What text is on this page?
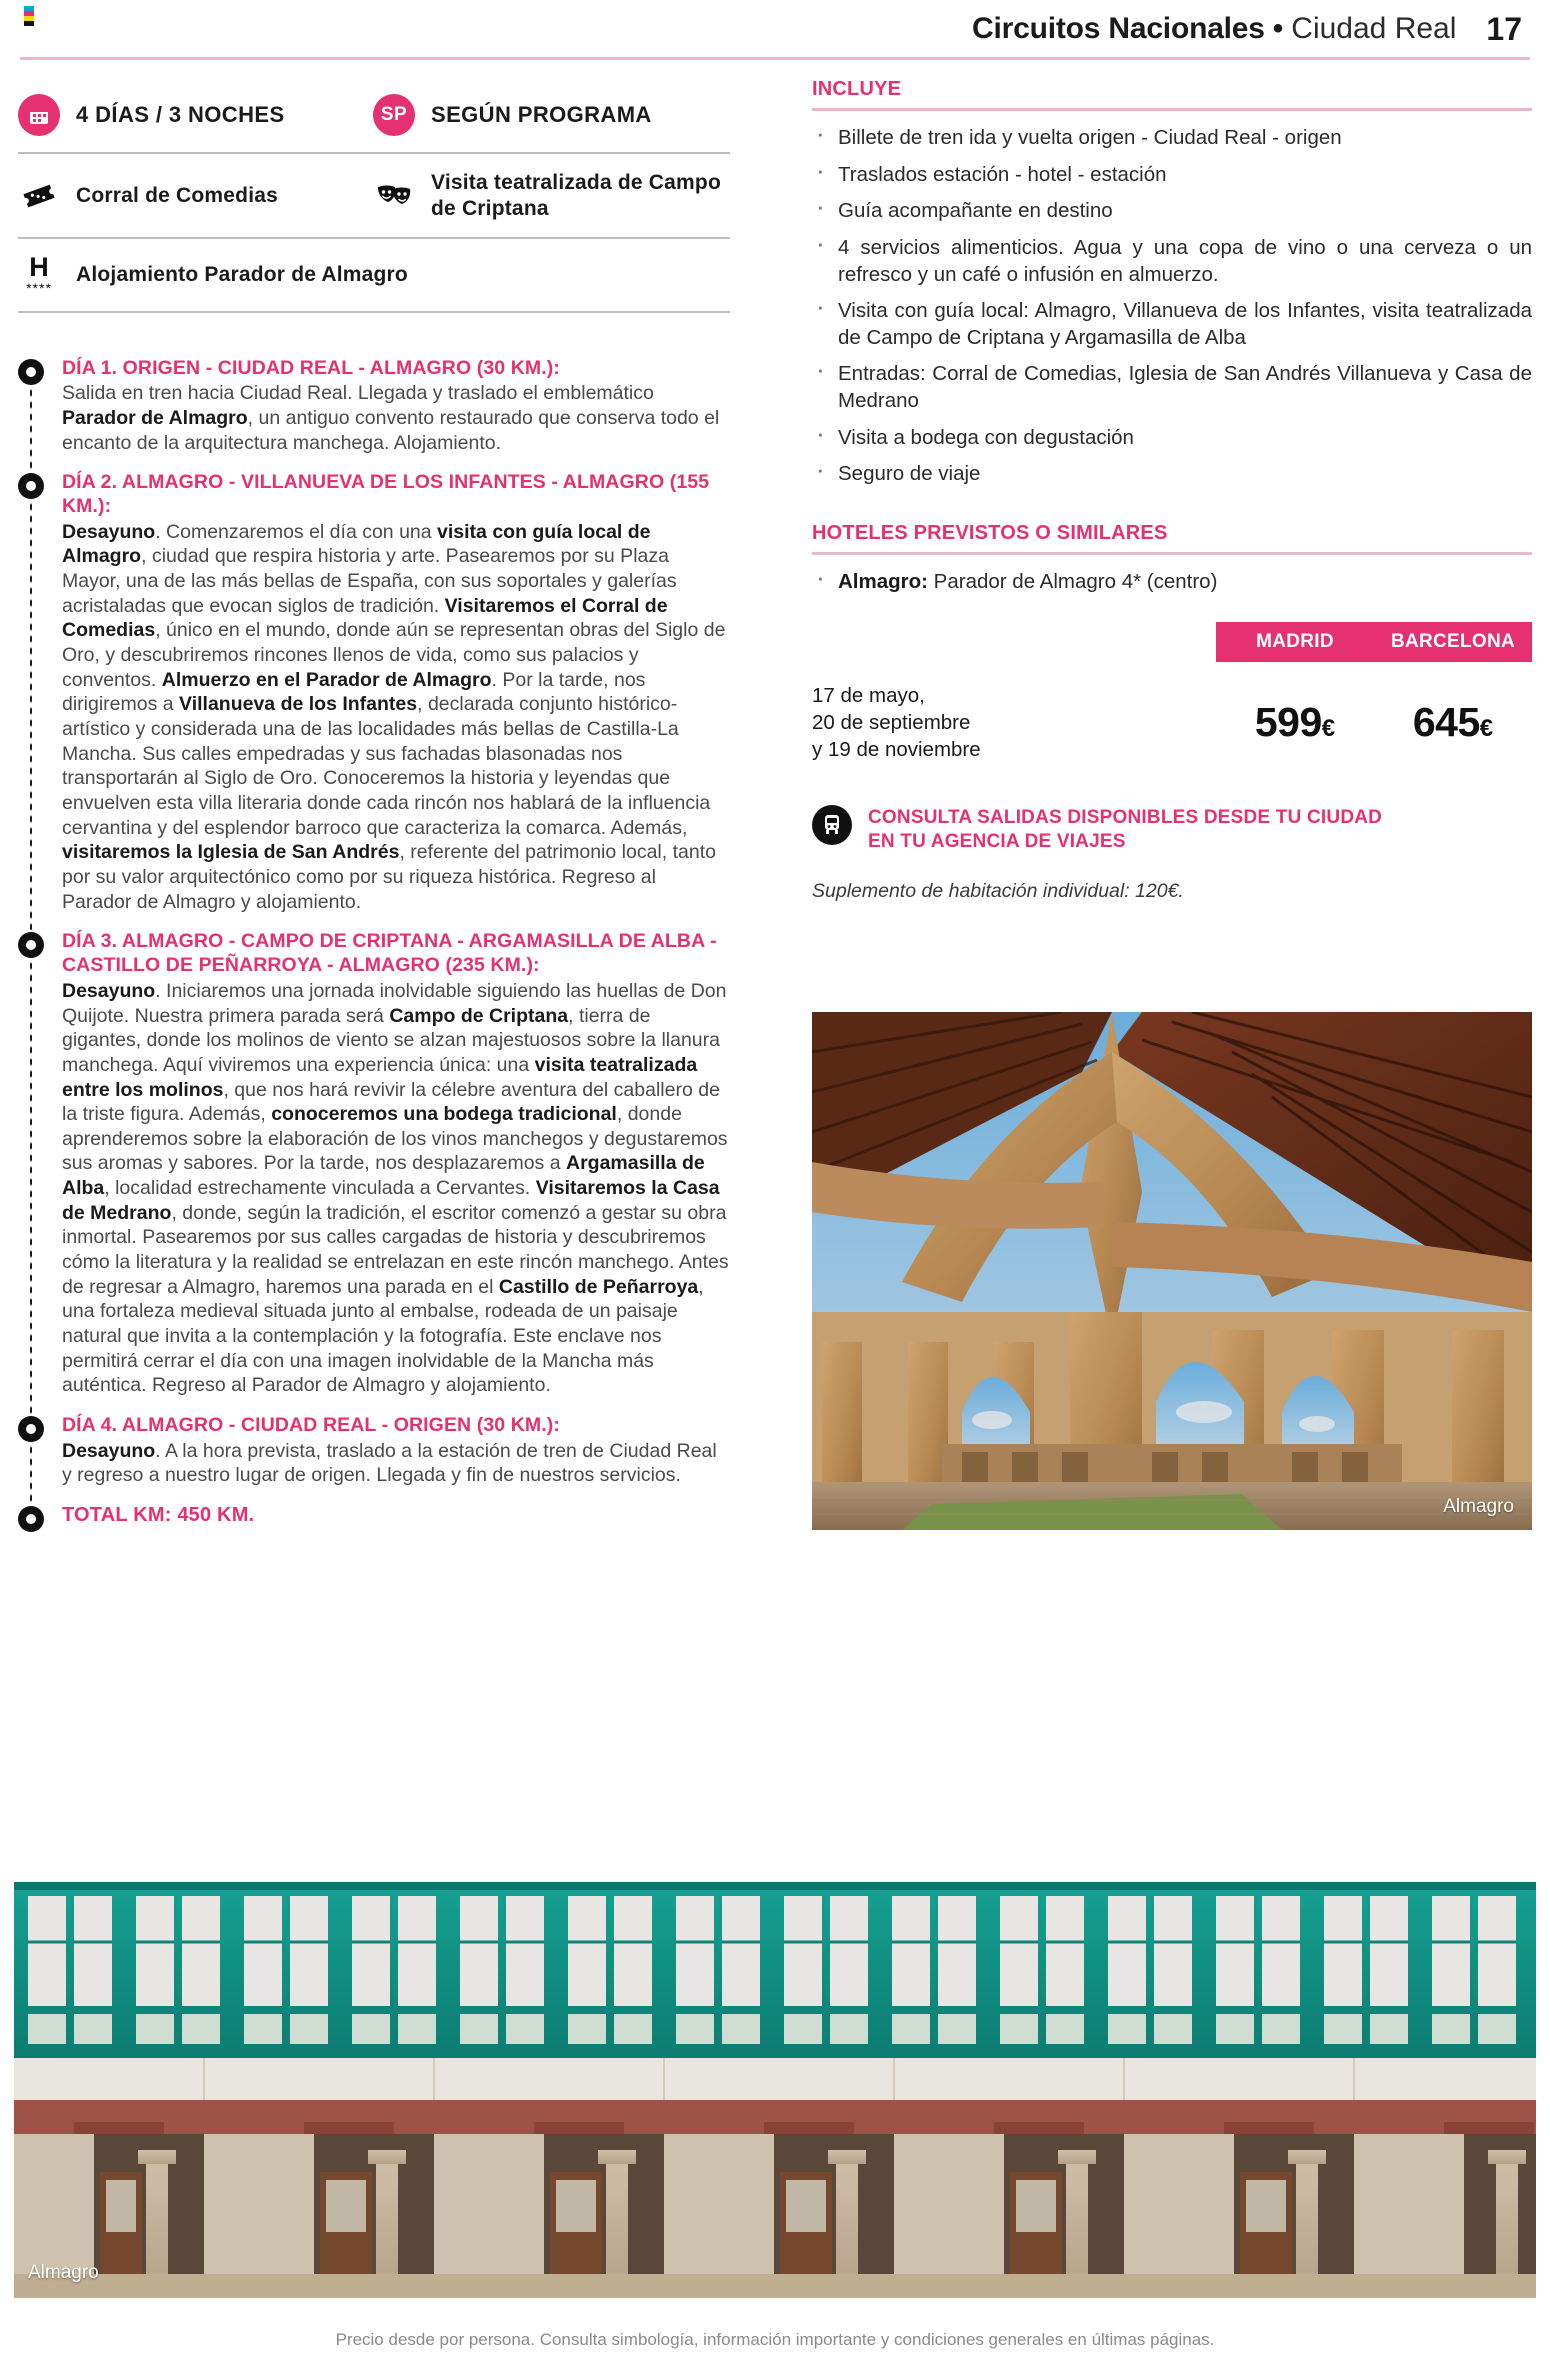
Circuitos Nacionales • Ciudad Real 17
4 DÍAS / 3 NOCHES	SP SEGÚN PROGRAMA
Corral de Comedias
Visita teatralizada de Campo de Criptana
H
****
Alojamiento Parador de Almagro
DÍA 1. ORIGEN - CIUDAD REAL - ALMAGRO (30 KM.):
Salida en tren hacia Ciudad Real. Llegada y traslado el emblemático Parador de Almagro, un antiguo convento restaurado que conserva todo el encanto de la arquitectura manchega. Alojamiento.
DÍA 2. ALMAGRO - VILLANUEVA DE LOS INFANTES - ALMAGRO (155 KM.):
Desayuno. Comenzaremos el día con una visita con guía local de Almagro, ciudad que respira historia y arte. Pasearemos por su Plaza Mayor, una de las más bellas de España, con sus soportales y galerías acristaladas que evocan siglos de tradición. Visitaremos el Corral de Comedias, único en el mundo, donde aún se representan obras del Siglo de Oro, y descubriremos rincones llenos de vida, como sus palacios y conventos. Almuerzo en el Parador de Almagro. Por la tarde, nos dirigiremos a Villanueva de los Infantes, declarada conjunto histórico-artístico y considerada una de las localidades más bellas de Castilla-La Mancha. Sus calles empedradas y sus fachadas blasonadas nos transportarán al Siglo de Oro. Conoceremos la historia y leyendas que envuelven esta villa literaria donde cada rincón nos hablará de la influencia cervantina y del esplendor barroco que caracteriza la comarca. Además, visitaremos la Iglesia de San Andrés, referente del patrimonio local, tanto por su valor arquitectónico como por su riqueza histórica. Regreso al Parador de Almagro y alojamiento.
DÍA 3. ALMAGRO - CAMPO DE CRIPTANA - ARGAMASILLA DE ALBA - CASTILLO DE PEÑARROYA - ALMAGRO (235 KM.):
Desayuno. Iniciaremos una jornada inolvidable siguiendo las huellas de Don Quijote. Nuestra primera parada será Campo de Criptana, tierra de gigantes, donde los molinos de viento se alzan majestuosos sobre la llanura manchega. Aquí viviremos una experiencia única: una visita teatralizada entre los molinos, que nos hará revivir la célebre aventura del caballero de la triste figura. Además, conoceremos una bodega tradicional, donde aprenderemos sobre la elaboración de los vinos manchegos y degustaremos sus aromas y sabores. Por la tarde, nos desplazaremos a Argamasilla de Alba, localidad estrechamente vinculada a Cervantes. Visitaremos la Casa de Medrano, donde, según la tradición, el escritor comenzó a gestar su obra inmortal. Pasearemos por sus calles cargadas de historia y descubriremos cómo la literatura y la realidad se entrelazan en este rincón manchego. Antes de regresar a Almagro, haremos una parada en el Castillo de Peñarroya, una fortaleza medieval situada junto al embalse, rodeada de un paisaje natural que invita a la contemplación y la fotografía. Este enclave nos permitirá cerrar el día con una imagen inolvidable de la Mancha más auténtica. Regreso al Parador de Almagro y alojamiento.
DÍA 4. ALMAGRO - CIUDAD REAL - ORIGEN (30 KM.):
Desayuno. A la hora prevista, traslado a la estación de tren de Ciudad Real y regreso a nuestro lugar de origen. Llegada y fin de nuestros servicios.
TOTAL KM: 450 KM.
INCLUYE
· Billete de tren ida y vuelta origen - Ciudad Real - origen
· Traslados estación - hotel - estación
· Guía acompañante en destino
· 4 servicios alimenticios. Agua y una copa de vino o una cerveza o un refresco y un café o infusión en almuerzo.
· Visita con guía local: Almagro, Villanueva de los Infantes, visita teatralizada de Campo de Criptana y Argamasilla de Alba
· Entradas: Corral de Comedias, Iglesia de San Andrés Villanueva y Casa de Medrano
· Visita a bodega con degustación
· Seguro de viaje
HOTELES PREVISTOS O SIMILARES
· Almagro: Parador de Almagro 4* (centro)
MADRID	BARCELONA
17 de mayo,
20 de septiembre
y 19 de noviembre
599€	645€
CONSULTA SALIDAS DISPONIBLES DESDE TU CIUDAD
EN TU AGENCIA DE VIAJES
Suplemento de habitación individual: 120€.
Almagro
Almagro
Precio desde por persona. Consulta simbología, información importante y condiciones generales en últimas páginas.
